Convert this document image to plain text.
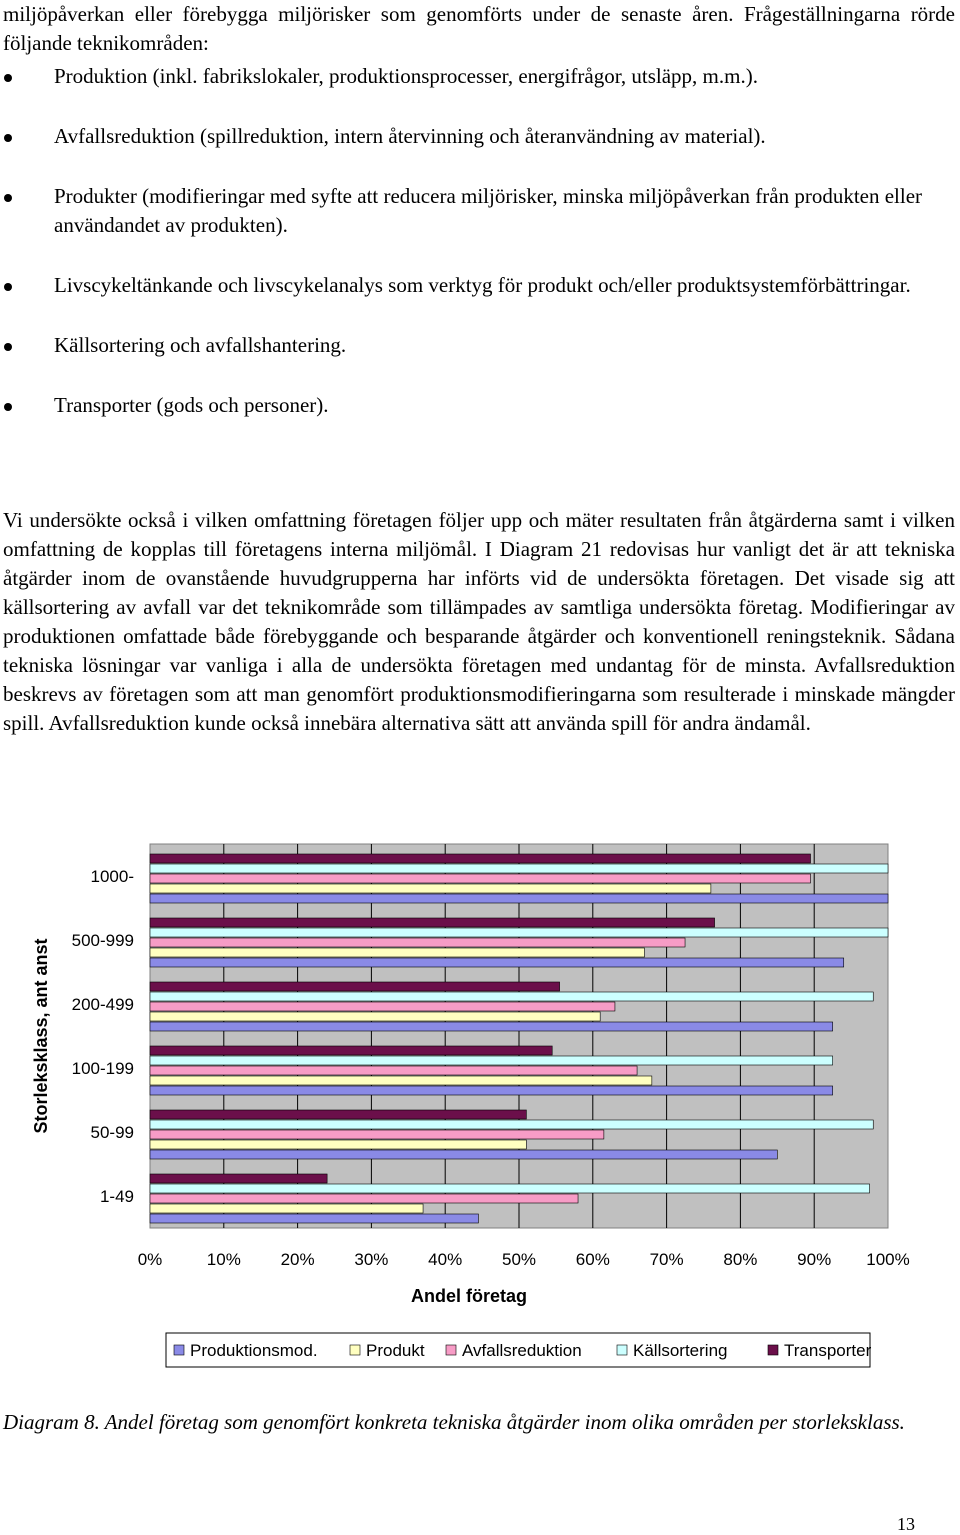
miljöpåverkan eller förebygga miljörisker som genomförts under de senaste åren. Frågeställningarna rörde följande teknikområden:

Produktion (inkl. fabrikslokaler, produktionsprocesser, energifrågor, utsläpp, m.m.).
Avfallsreduktion (spillreduktion, intern återvinning och återanvändning av material).
Produkter (modifieringar med syfte att reducera miljörisker, minska miljöpåverkan från produkten eller användandet av produkten).
Livscykeltänkande och livscykelanalys som verktyg för produkt och/eller produktsystemförbättringar.
Källsortering och avfallshantering.
Transporter (gods och personer).

Vi undersökte också i vilken omfattning företagen följer upp och mäter resultaten från åtgärderna samt i vilken omfattning de kopplas till företagens interna miljömål. I Diagram 21 redovisas hur vanligt det är att tekniska åtgärder inom de ovanstående huvudgrupperna har införts vid de undersökta företagen. Det visade sig att källsortering av avfall var det teknikområde som tillämpades av samtliga undersökta företag. Modifieringar av produktionen omfattade både förebyggande och besparande åtgärder och konventionell reningsteknik. Sådana tekniska lösningar var vanliga i alla de undersökta företagen med undantag för de minsta. Avfallsreduktion beskrevs av företagen som att man genomfört produktionsmodifieringarna som resulterade i minskade mängder spill. Avfallsreduktion kunde också innebära alternativa sätt att använda spill för andra ändamål.

0%	10% 20% 30% 40% 50% 60% 70% 80% 90% 100%
1000-
500-999
200-499
100-199
50-99
1-49
Andel företag
Storleksklass, ant anst
Produktionsmod.	Produkt Avfallsreduktion	Källsortering	Transporter

Diagram 8. Andel företag som genomfört konkreta tekniska åtgärder inom olika områden per storleksklass.

13
